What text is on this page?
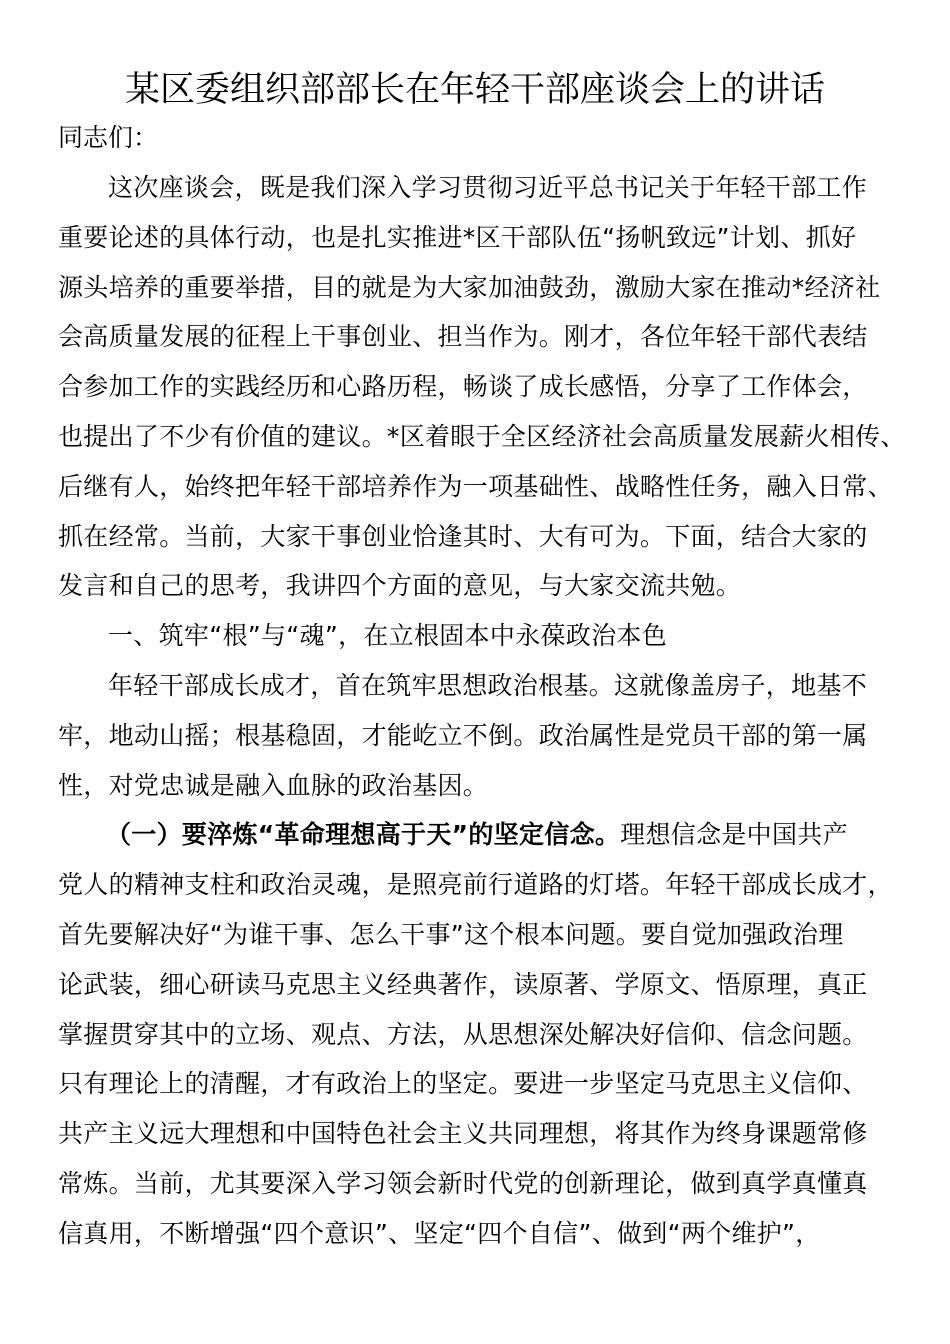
某区委组织部部长在年轻干部座谈会上的讲话
同志们：
这次座谈会，既是我们深入学习贯彻习近平总书记关于年轻干部工作
重要论述的具体行动，也是扎实推进*区干部队伍“扬帆致远”计划、抓好
源头培养的重要举措，目的就是为大家加油鼓劲，激励大家在推动*经济社
会高质量发展的征程上干事创业、担当作为。刚才，各位年轻干部代表结
合参加工作的实践经历和心路历程，畅谈了成长感悟，分享了工作体会，
也提出了不少有价值的建议。*区着眼于全区经济社会高质量发展薪火相传、
后继有人，始终把年轻干部培养作为一项基础性、战略性任务，融入日常、
抓在经常。当前，大家干事创业恰逢其时、大有可为。下面，结合大家的
发言和自己的思考，我讲四个方面的意见，与大家交流共勉。
一、筑牢“根”与“魂”，在立根固本中永葆政治本色
年轻干部成长成才，首在筑牢思想政治根基。这就像盖房子，地基不
牢，地动山摇；根基稳固，才能屹立不倒。政治属性是党员干部的第一属
性，对党忠诚是融入血脉的政治基因。
（一）要淬炼“革命理想高于天”的坚定信念。理想信念是中国共产
党人的精神支柱和政治灵魂，是照亮前行道路的灯塔。年轻干部成长成才，
首先要解决好“为谁干事、怎么干事”这个根本问题。要自觉加强政治理
论武装，细心研读马克思主义经典著作，读原著、学原文、悟原理，真正
掌握贯穿其中的立场、观点、方法，从思想深处解决好信仰、信念问题。
只有理论上的清醒，才有政治上的坚定。要进一步坚定马克思主义信仰、
共产主义远大理想和中国特色社会主义共同理想，将其作为终身课题常修
常炼。当前，尤其要深入学习领会新时代党的创新理论，做到真学真懂真
信真用，不断增强“四个意识”、坚定“四个自信”、做到“两个维护”，
